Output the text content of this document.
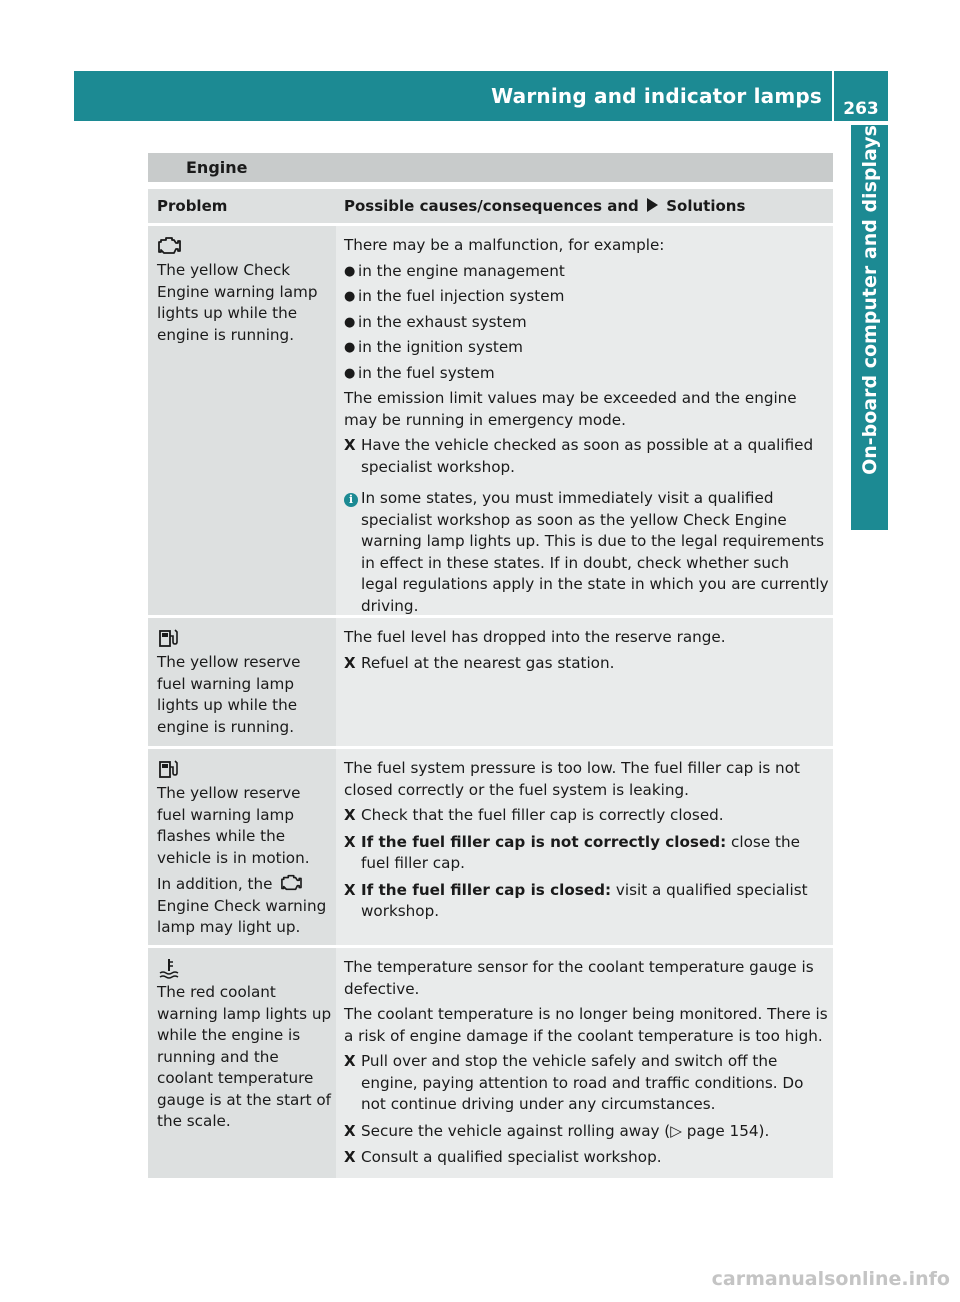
Warning and indicator lamps
263
On-board computer and displays
Engine
Problem	Possible causes/consequences and Solutions

The yellow Check Engine warning lamp lights up while the engine is running.

There may be a malfunction, for example:

● in the engine management
● in the fuel injection system
● in the exhaust system
● in the ignition system
● in the fuel system

The emission limit values may be exceeded and the engine may be running in emergency mode.

X Have the vehicle checked as soon as possible at a qualified specialist workshop.
i In some states, you must immediately visit a qualified specialist workshop as soon as the yellow Check Engine warning lamp lights up. This is due to the legal requirements in effect in these states. If in doubt, check whether such legal regulations apply in the state in which you are currently driving.

The yellow reserve fuel warning lamp lights up while the engine is running.

The fuel level has dropped into the reserve range.

X Refuel at the nearest gas station.

The yellow reserve fuel warning lamp flashes while the vehicle is in motion.

In addition, the  Engine Check warning lamp may light up.

The fuel system pressure is too low. The fuel filler cap is not closed correctly or the fuel system is leaking.

X Check that the fuel filler cap is correctly closed.
X If the fuel filler cap is not correctly closed: close the fuel filler cap.
X If the fuel filler cap is closed: visit a qualified specialist workshop.

The red coolant warning lamp lights up while the engine is running and the coolant temperature gauge is at the start of the scale.

The temperature sensor for the coolant temperature gauge is defective.

The coolant temperature is no longer being monitored. There is a risk of engine damage if the coolant temperature is too high.

X Pull over and stop the vehicle safely and switch off the engine, paying attention to road and traffic conditions. Do not continue driving under any circumstances.
X Secure the vehicle against rolling away (▷ page 154).
X Consult a qualified specialist workshop.
carmanualsonline.info
